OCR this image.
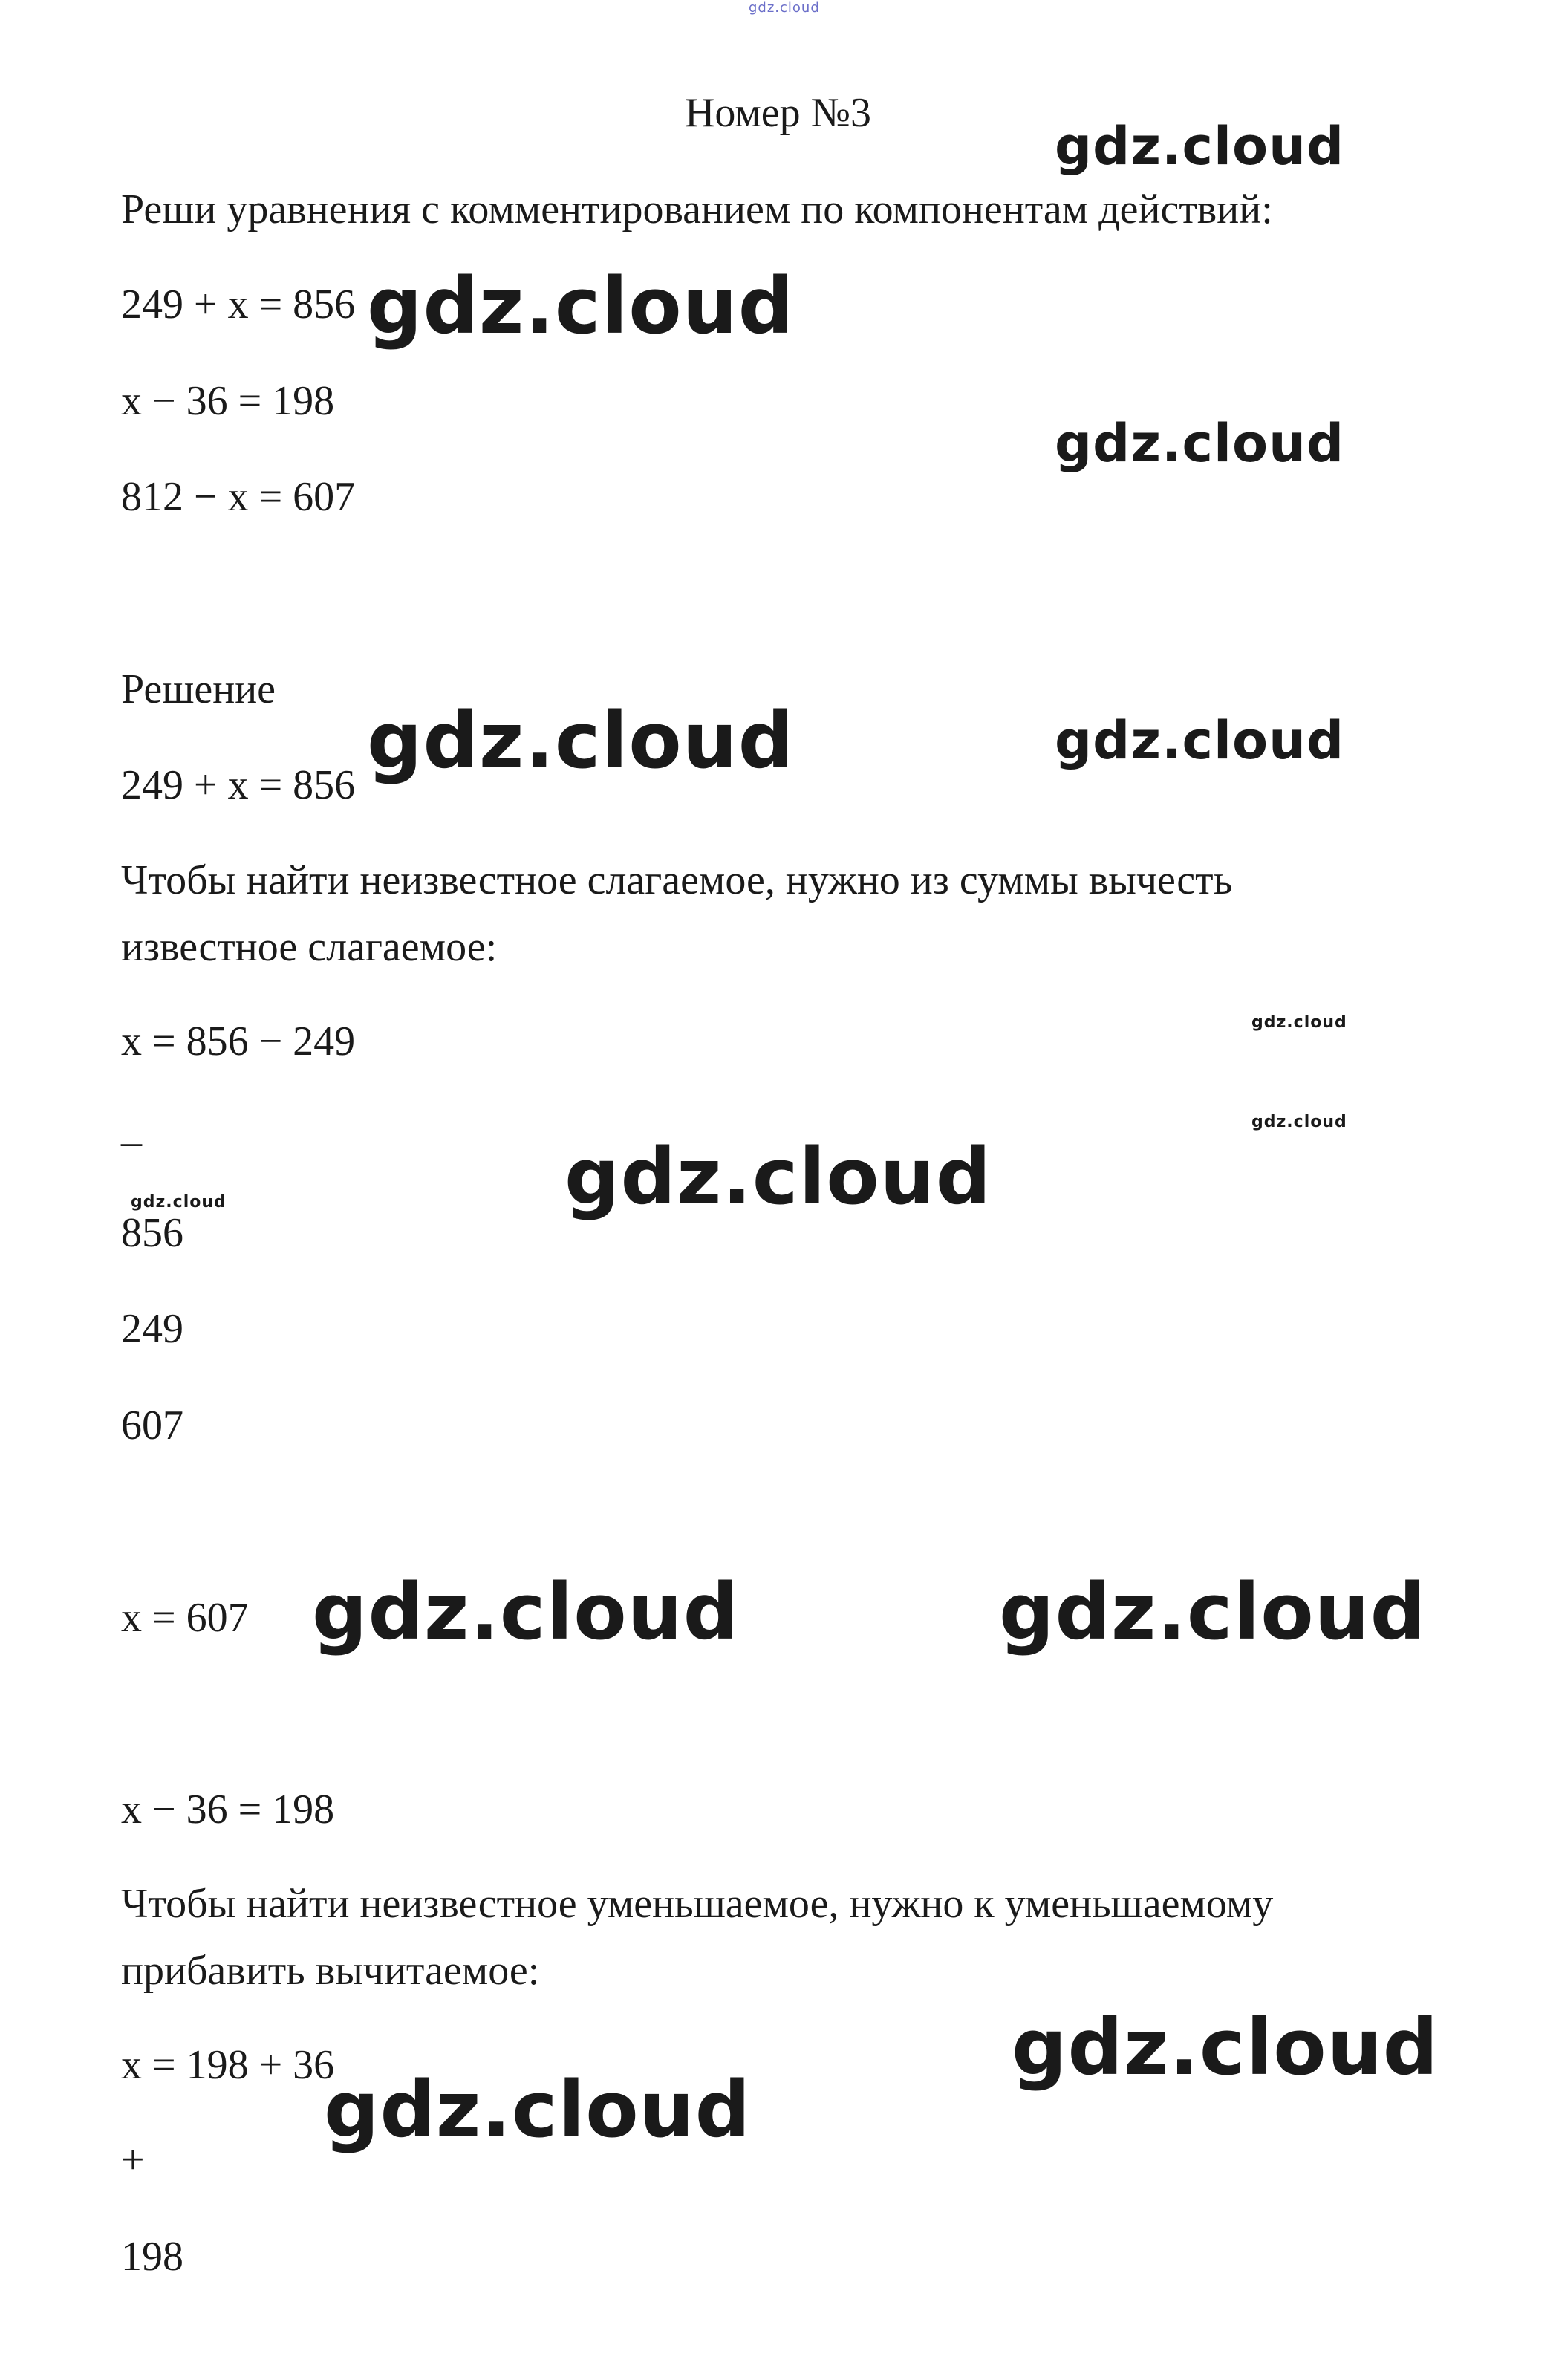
gdz.cloud
Номер №3
Реши уравнения с комментированием по компонентам действий:
249 + x = 856
x − 36 = 198
812 − x = 607
Решение
249 + x = 856
Чтобы найти неизвестное слагаемое, нужно из суммы вычесть известное слагаемое:
x = 856 − 249
_
856
249
607
x = 607
x − 36 = 198
Чтобы найти неизвестное уменьшаемое, нужно к уменьшаемому прибавить вычитаемое:
x = 198 + 36
+
198
gdz.cloud
gdz.cloud
gdz.cloud
gdz.cloud	gdz.cloud
gdz.cloud
gdz.cloud
gdz.cloud
gdz.cloud
gdz.cloud	gdz.cloud
gdz.cloud
gdz.cloud
